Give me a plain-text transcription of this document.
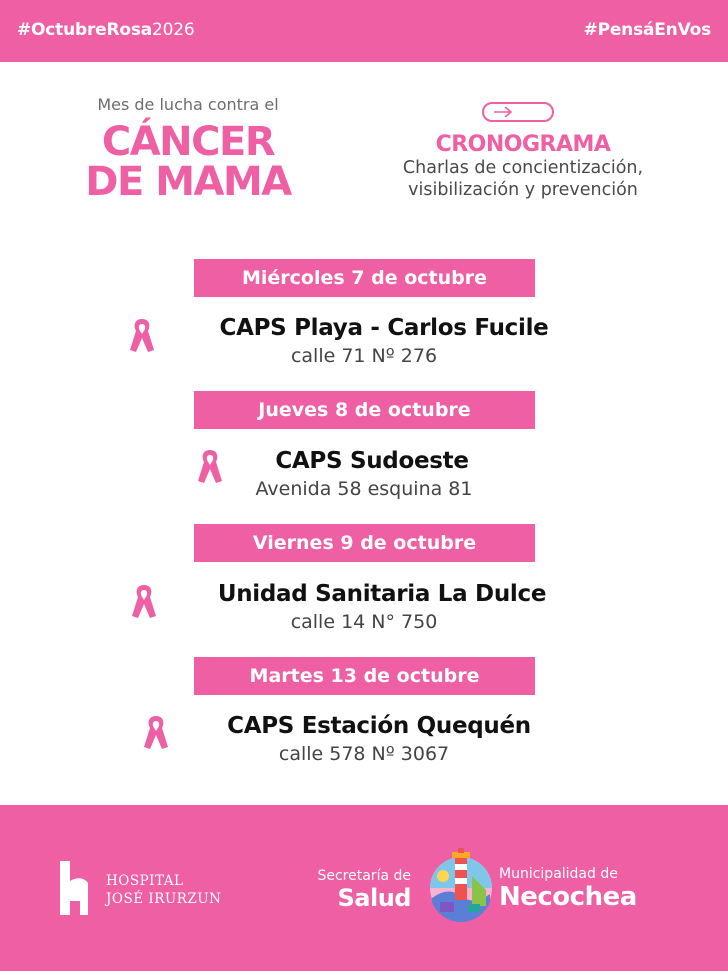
#OctubreRosa2026	#PensáEnVos
Mes de lucha contra el
CÁNCER
DE MAMA
CRONOGRAMA
Charlas de concientización,
visibilización y prevención
Miércoles 7 de octubre
CAPS Playa - Carlos Fucile
calle 71 Nº 276
Jueves 8 de octubre
CAPS Sudoeste
Avenida 58 esquina 81
Viernes 9 de octubre
Unidad Sanitaria La Dulce
calle 14 N° 750
Martes 13 de octubre
CAPS Estación Quequén
calle 578 Nº 3067
HOSPITAL
JOSÉ IRURZUN
Secretaría de
Salud
Municipalidad de
Necochea
